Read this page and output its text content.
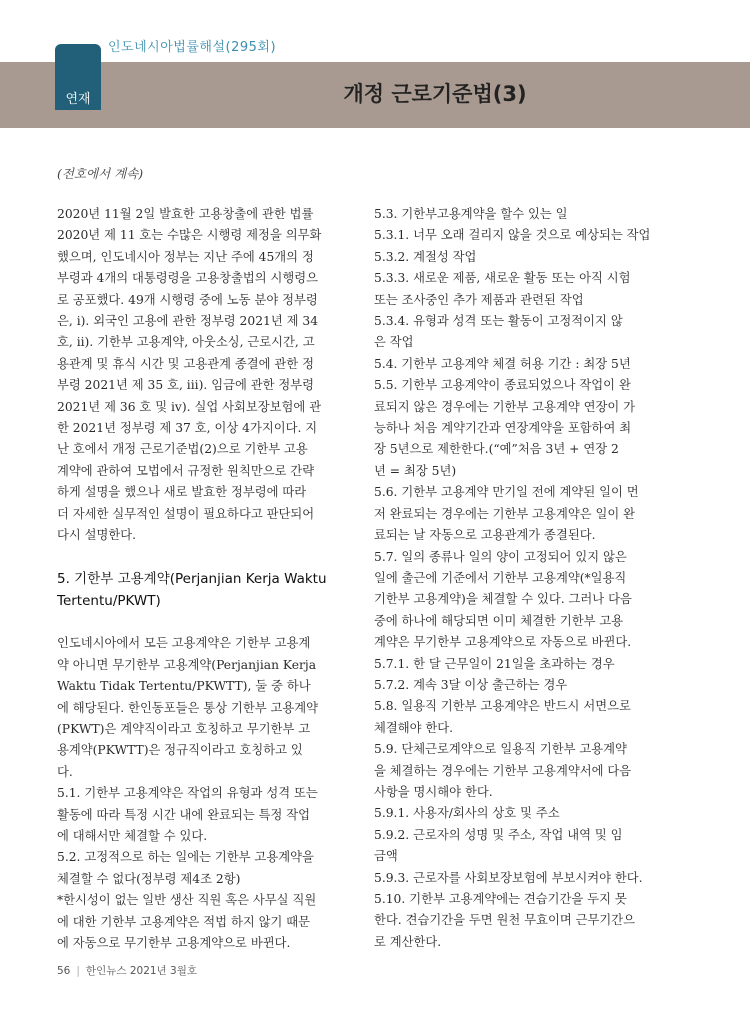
인도네시아법률해설(295회)
연재	개정 근로기준법(3)
(전호에서 계속)

2020년 11월 2일 발효한 고용창출에 관한 법률

2020년 제 11 호는 수많은 시행령 제정을 의무화

했으며, 인도네시아 정부는 지난 주에 45개의 정

부령과 4개의 대통령령을 고용창출법의 시행령으

로 공포했다. 49개 시행령 중에 노동 분야 정부령

은, i). 외국인 고용에 관한 정부령 2021년 제 34

호, ii). 기한부 고용계약, 아웃소싱, 근로시간, 고

용관계 및 휴식 시간 및 고용관계 종결에 관한 정

부령 2021년 제 35 호, iii). 임금에 관한 정부령

2021년 제 36 호 및 iv). 실업 사회보장보험에 관

한 2021년 정부령 제 37 호, 이상 4가지이다. 지

난 호에서 개정 근로기준법(2)으로 기한부 고용

계약에 관하여 모법에서 규정한 원칙만으로 간략

하게 설명을 했으나 새로 발효한 정부령에 따라

더 자세한 실무적인 설명이 필요하다고 판단되어

다시 설명한다.

5. 기한부 고용계약(Perjanjian Kerja Waktu

Tertentu/PKWT)

인도네시아에서 모든 고용계약은 기한부 고용계

약 아니면 무기한부 고용계약(Perjanjian Kerja

Waktu Tidak Tertentu/PKWTT), 둘 중 하나

에 해당된다. 한인동포들은 통상 기한부 고용계약

(PKWT)은 계약직이라고 호칭하고 무기한부 고

용계약(PKWTT)은 정규직이라고 호칭하고 있

다.

5.1. 기한부 고용계약은 작업의 유형과 성격 또는

활동에 따라 특정 시간 내에 완료되는 특정 작업

에 대해서만 체결할 수 있다.

5.2. 고정적으로 하는 일에는 기한부 고용계약을

체결할 수 없다(정부령 제4조 2항)

*한시성이 없는 일반 생산 직원 혹은 사무실 직원

에 대한 기한부 고용계약은 적법 하지 않기 때문

에 자동으로 무기한부 고용계약으로 바뀐다.

5.3. 기한부고용계약을 할수 있는 일

5.3.1. 너무 오래 걸리지 않을 것으로 예상되는 작업

5.3.2. 계절성 작업

5.3.3. 새로운 제품, 새로운 활동 또는 아직 시험

또는 조사중인 추가 제품과 관련된 작업

5.3.4. 유형과 성격 또는 활동이 고정적이지 않

은 작업

5.4. 기한부 고용계약 체결 허용 기간 : 최장 5년

5.5. 기한부 고용계약이 종료되었으나 작업이 완

료되지 않은 경우에는 기한부 고용계약 연장이 가

능하나 처음 계약기간과 연장계약을 포함하여 최

장 5년으로 제한한다.(“예”처음 3년 + 연장 2

년 = 최장 5년)

5.6. 기한부 고용계약 만기일 전에 계약된 일이 먼

저 완료되는 경우에는 기한부 고용계약은 일이 완

료되는 날 자동으로 고용관계가 종결된다.

5.7. 일의 종류나 일의 양이 고정되어 있지 않은

일에 출근에 기준에서 기한부 고용계약(*일용직

기한부 고용계약)을 체결할 수 있다. 그러나 다음

중에 하나에 해당되면 이미 체결한 기한부 고용

계약은 무기한부 고용계약으로 자동으로 바뀐다.

5.7.1. 한 달 근무일이 21일을 초과하는 경우

5.7.2. 계속 3달 이상 출근하는 경우

5.8. 일용직 기한부 고용계약은 반드시 서면으로

체결해야 한다.

5.9. 단체근로계약으로 일용직 기한부 고용계약

을 체결하는 경우에는 기한부 고용계약서에 다음

사항을 명시해야 한다.

5.9.1. 사용자/회사의 상호 및 주소

5.9.2. 근로자의 성명 및 주소, 작업 내역 및 임

금액

5.9.3. 근로자를 사회보장보험에 부보시켜야 한다.

5.10. 기한부 고용계약에는 견습기간을 두지 못

한다. 견습기간을 두면 원천 무효이며 근무기간으

로 계산한다.

56 | 한인뉴스 2021년 3월호
